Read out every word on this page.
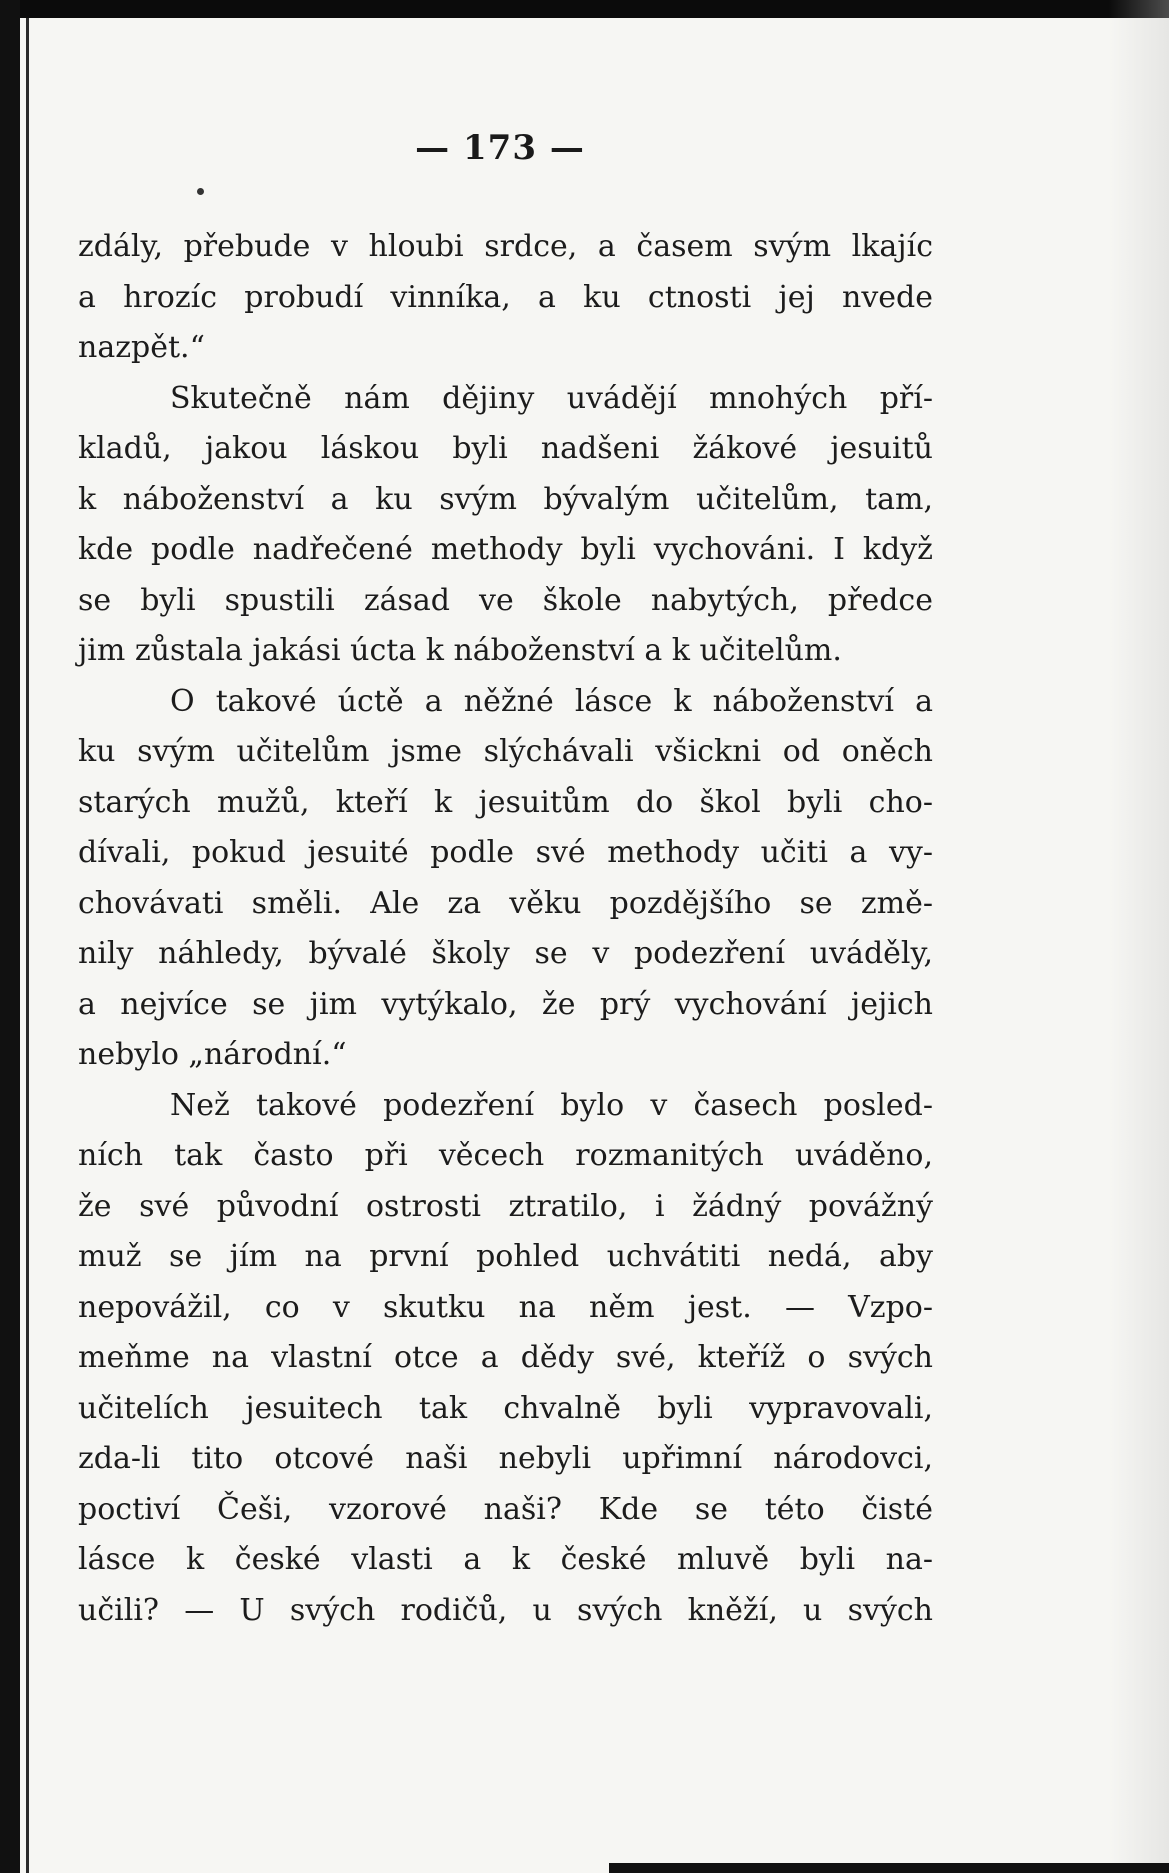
— 173 —
zdály, přebude v hloubi srdce, a časem svým lkajíc
a hrozíc probudí vinníka, a ku ctnosti jej nvede
nazpět.“
Skutečně nám dějiny uvádějí mnohých pří-
kladů, jakou láskou byli nadšeni žákové jesuitů
k náboženství a ku svým bývalým učitelům, tam,
kde podle nadřečené methody byli vychováni. I když
se byli spustili zásad ve škole nabytých, předce
jim zůstala jakási úcta k náboženství a k učitelům.
O takové úctě a něžné lásce k náboženství a
ku svým učitelům jsme slýchávali všickni od oněch
starých mužů, kteří k jesuitům do škol byli cho-
dívali, pokud jesuité podle své methody učiti a vy-
chovávati směli. Ale za věku pozdějšího se změ-
nily náhledy, bývalé školy se v podezření uváděly,
a nejvíce se jim vytýkalo, že prý vychování jejich
nebylo „národní.“
Než takové podezření bylo v časech posled-
ních tak často při věcech rozmanitých uváděno,
že své původní ostrosti ztratilo, i žádný povážný
muž se jím na první pohled uchvátiti nedá, aby
nepovážil, co v skutku na něm jest. — Vzpo-
meňme na vlastní otce a dědy své, kteříž o svých
učitelích jesuitech tak chvalně byli vypravovali,
zda-li tito otcové naši nebyli upřimní národovci,
poctiví Češi, vzorové naši? Kde se této čisté
lásce k české vlasti a k české mluvě byli na-
učili? — U svých rodičů, u svých kněží, u svých
